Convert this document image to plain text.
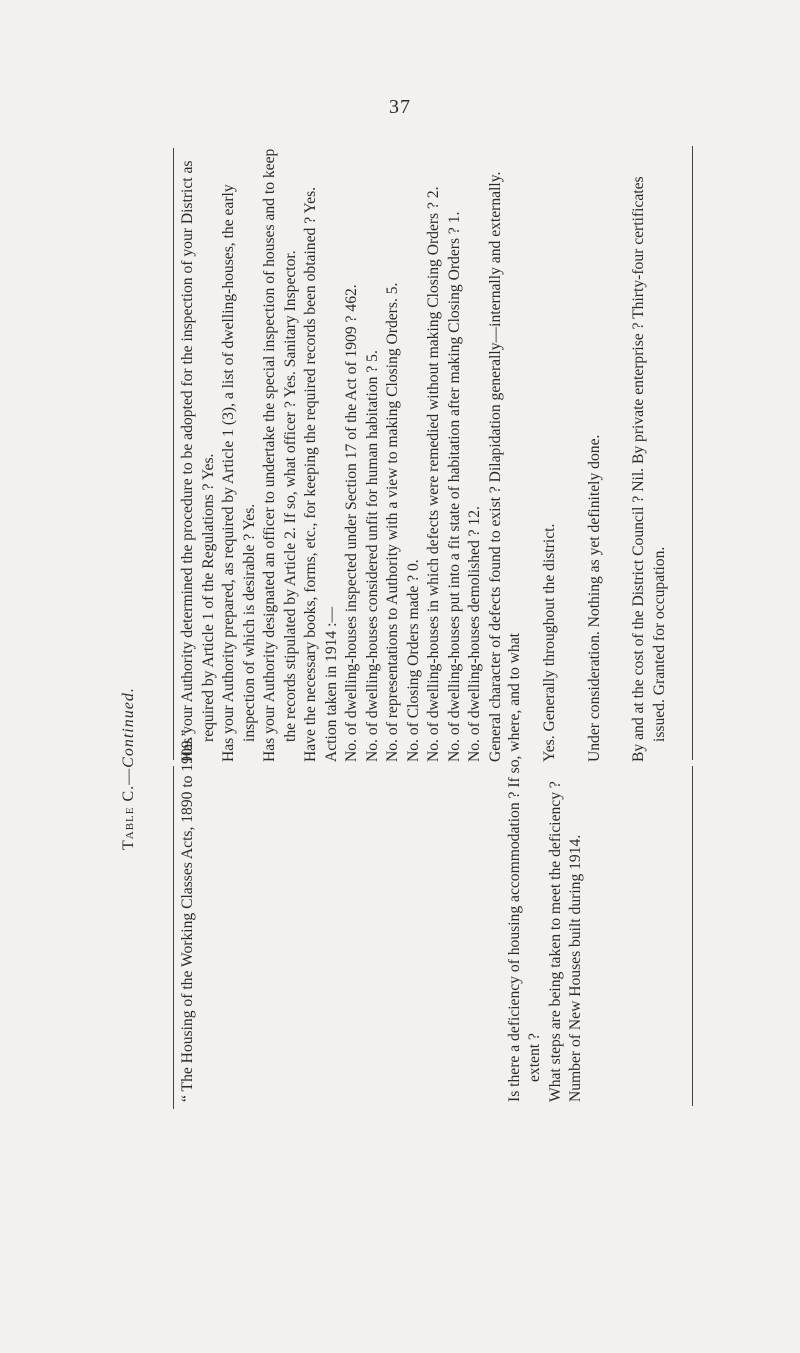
37
Table C.—Continued.

“ The Housing of the Working Classes Acts, 1890 to 1909.”	Is there a deficiency of housing accommodation ? If so, where, and to what extent ? What steps are being taken to meet the deficiency ? Number of New Houses built during 1914.

Has your Authority determined the procedure to be adopted for the inspection of your District as required by Article 1 of the Regulations ? Yes. Has your Authority prepared, as required by Article 1 (3), a list of dwelling-houses, the early inspection of which is desirable ? Yes. Has your Authority designated an officer to undertake the special inspection of houses and to keep the records stipulated by Article 2. If so, what officer ? Yes. Sanitary Inspector. Have the necessary books, forms, etc., for keeping the required records been obtained ? Yes. Action taken in 1914 :— No. of dwelling-houses inspected under Section 17 of the Act of 1909 ? 462. No. of dwelling-houses considered unfit for human habitation ? 5. No. of representations to Authority with a view to making Closing Orders. 5. No. of Closing Orders made ? 0. No. of dwelling-houses in which defects were remedied without making Closing Orders ? 2. No. of dwelling-houses put into a fit state of habitation after making Closing Orders ? 1. No. of dwelling-houses demolished ? 12. General character of defects found to exist ? Dilapidation generally—internally and externally. Yes. Generally throughout the district. Under consideration. Nothing as yet definitely done. By and at the cost of the District Council ? Nil. By private enterprise ? Thirty-four certificates issued. Granted for occupation.
